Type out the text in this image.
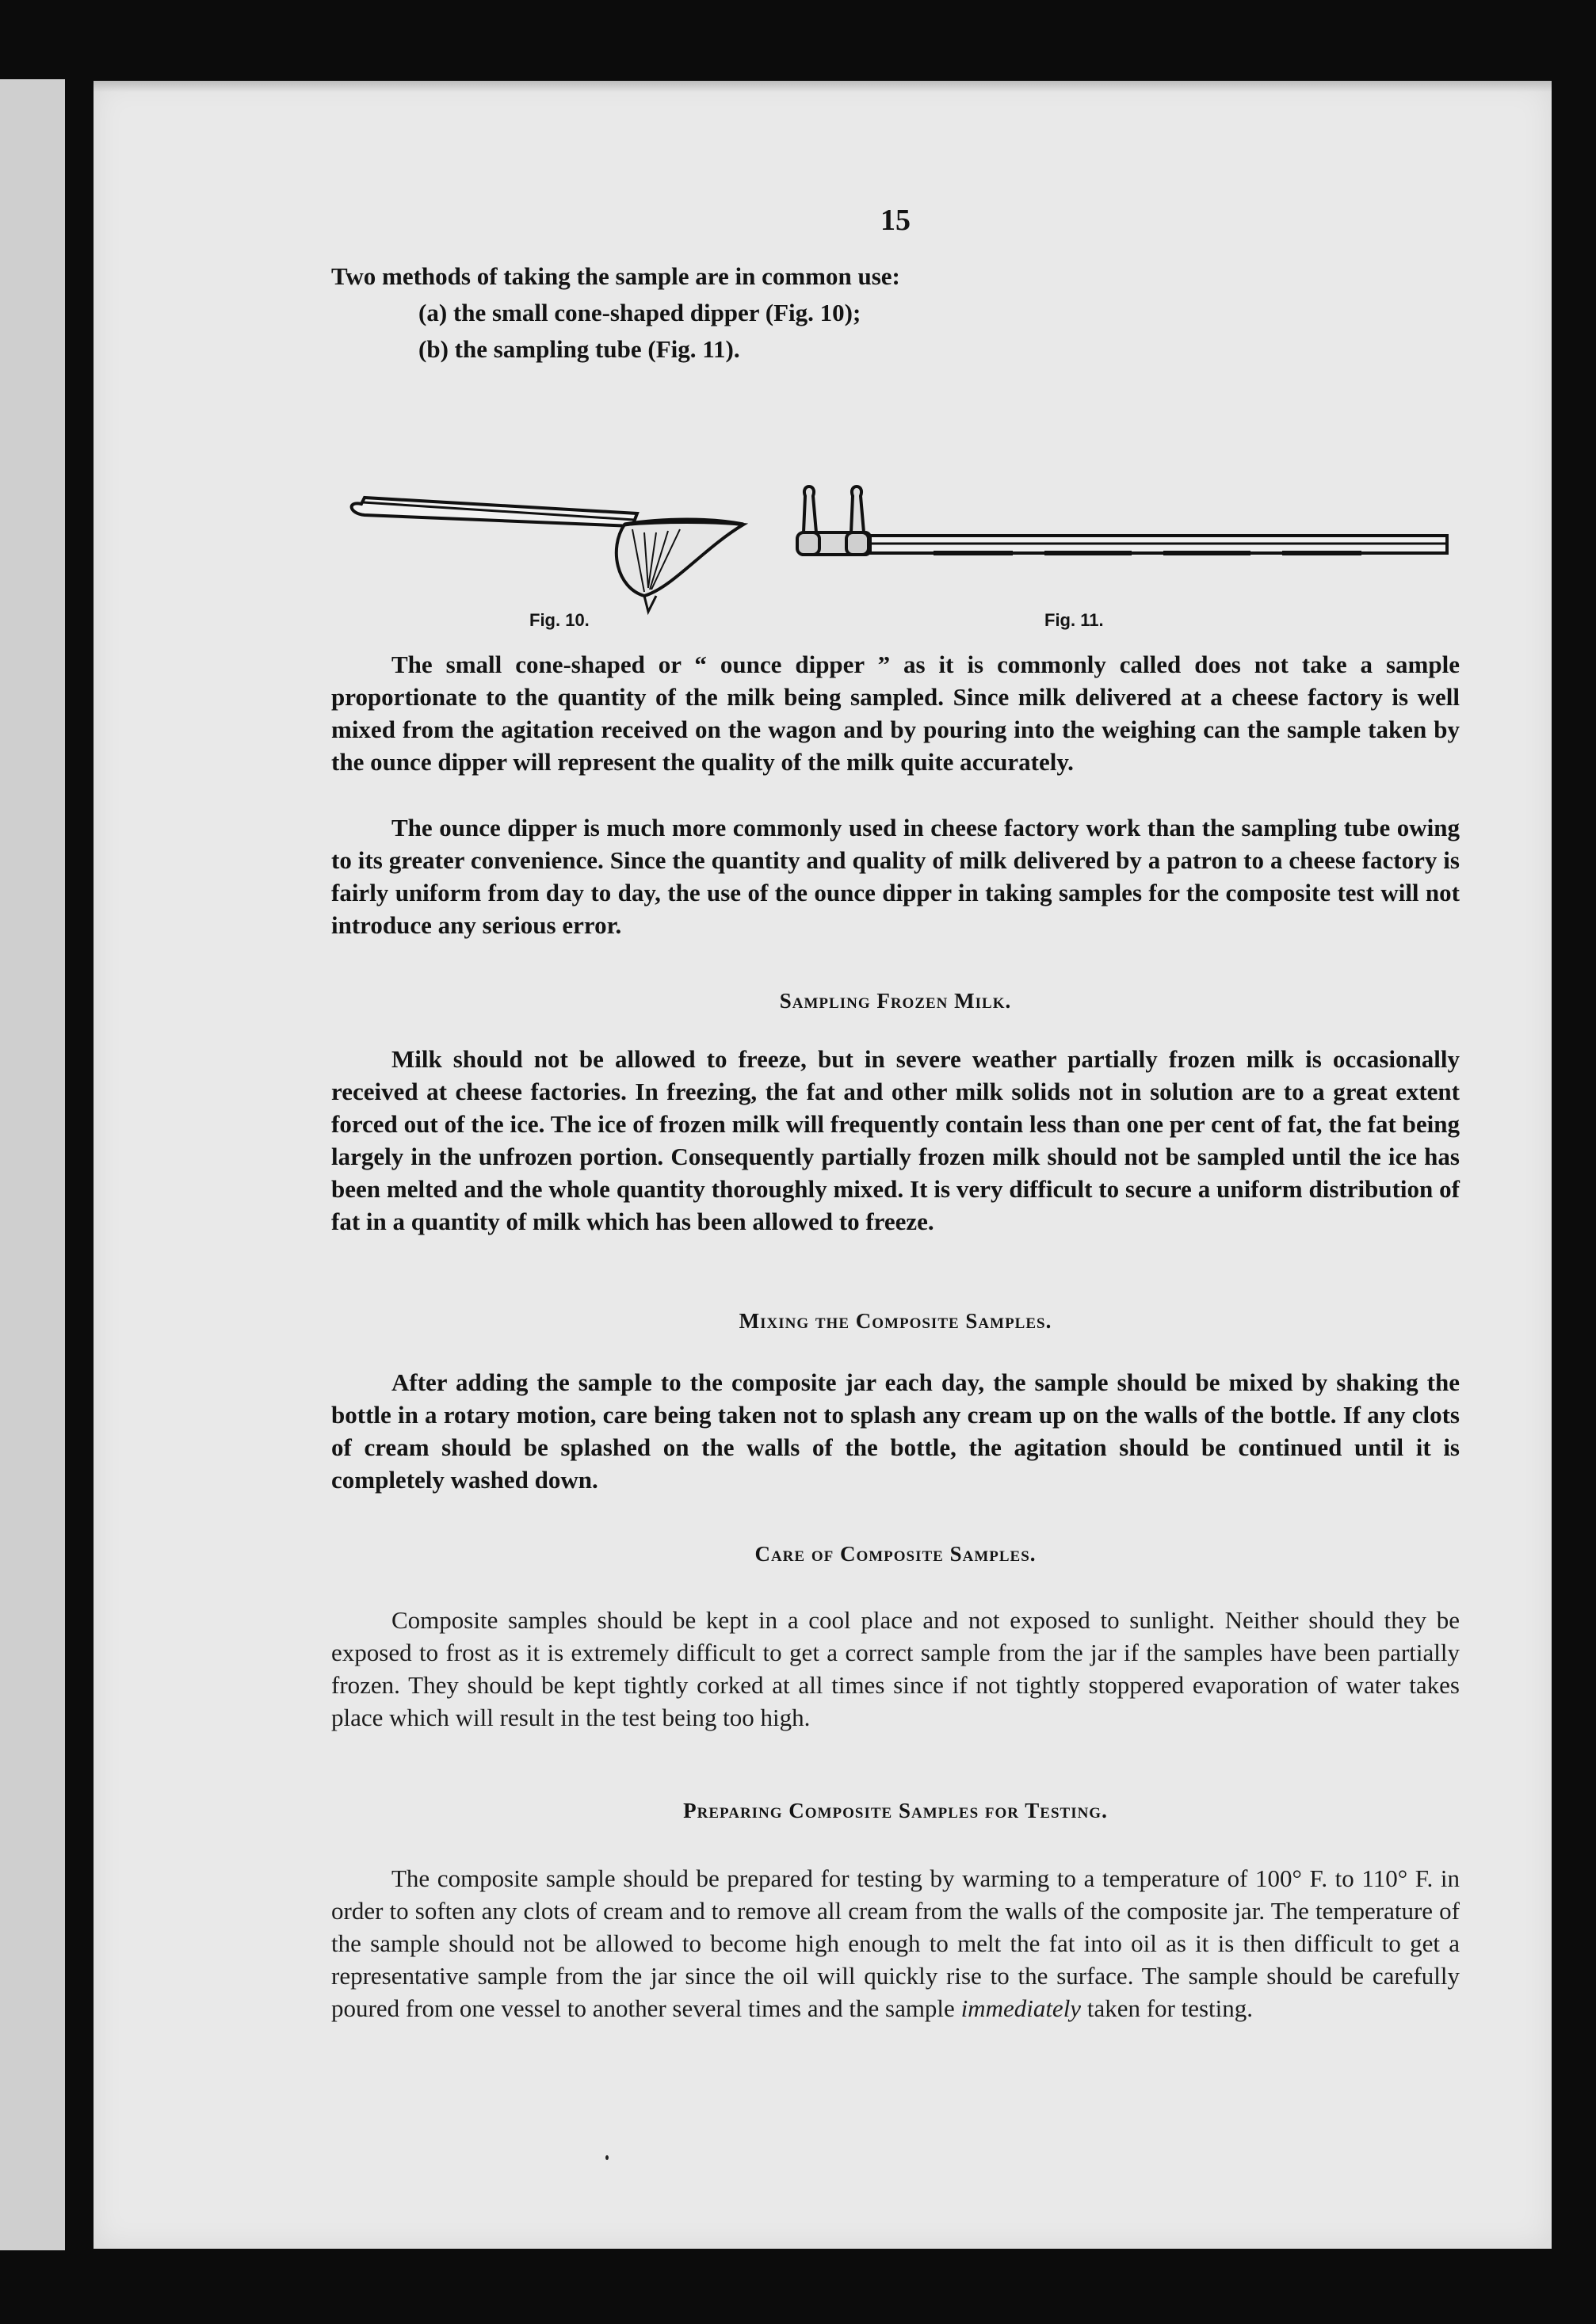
15
Two methods of taking the sample are in common use:
(a) the small cone-shaped dipper (Fig. 10);
(b) the sampling tube (Fig. 11).
Fig. 10.	Fig. 11.

The small cone-shaped or “ ounce dipper ” as it is commonly called does not take a sample proportionate to the quantity of the milk being sampled. Since milk delivered at a cheese factory is well mixed from the agitation received on the wagon and by pouring into the weighing can the sample taken by the ounce dipper will represent the quality of the milk quite accurately.

The ounce dipper is much more commonly used in cheese factory work than the sampling tube owing to its greater convenience. Since the quantity and quality of milk delivered by a patron to a cheese factory is fairly uniform from day to day, the use of the ounce dipper in taking samples for the composite test will not introduce any serious error.

Sampling Frozen Milk.

Milk should not be allowed to freeze, but in severe weather partially frozen milk is occasionally received at cheese factories. In freezing, the fat and other milk solids not in solution are to a great extent forced out of the ice. The ice of frozen milk will frequently contain less than one per cent of fat, the fat being largely in the unfrozen portion. Consequently partially frozen milk should not be sampled until the ice has been melted and the whole quantity thoroughly mixed. It is very difficult to secure a uniform distribution of fat in a quantity of milk which has been allowed to freeze.

Mixing the Composite Samples.

After adding the sample to the composite jar each day, the sample should be mixed by shaking the bottle in a rotary motion, care being taken not to splash any cream up on the walls of the bottle. If any clots of cream should be splashed on the walls of the bottle, the agitation should be continued until it is completely washed down.

Care of Composite Samples.

Composite samples should be kept in a cool place and not exposed to sunlight. Neither should they be exposed to frost as it is extremely difficult to get a correct sample from the jar if the samples have been partially frozen. They should be kept tightly corked at all times since if not tightly stoppered evaporation of water takes place which will result in the test being too high.

Preparing Composite Samples for Testing.

The composite sample should be prepared for testing by warming to a temperature of 100° F. to 110° F. in order to soften any clots of cream and to remove all cream from the walls of the composite jar. The temperature of the sample should not be allowed to become high enough to melt the fat into oil as it is then difficult to get a representative sample from the jar since the oil will quickly rise to the surface. The sample should be carefully poured from one vessel to another several times and the sample immediately taken for testing.
